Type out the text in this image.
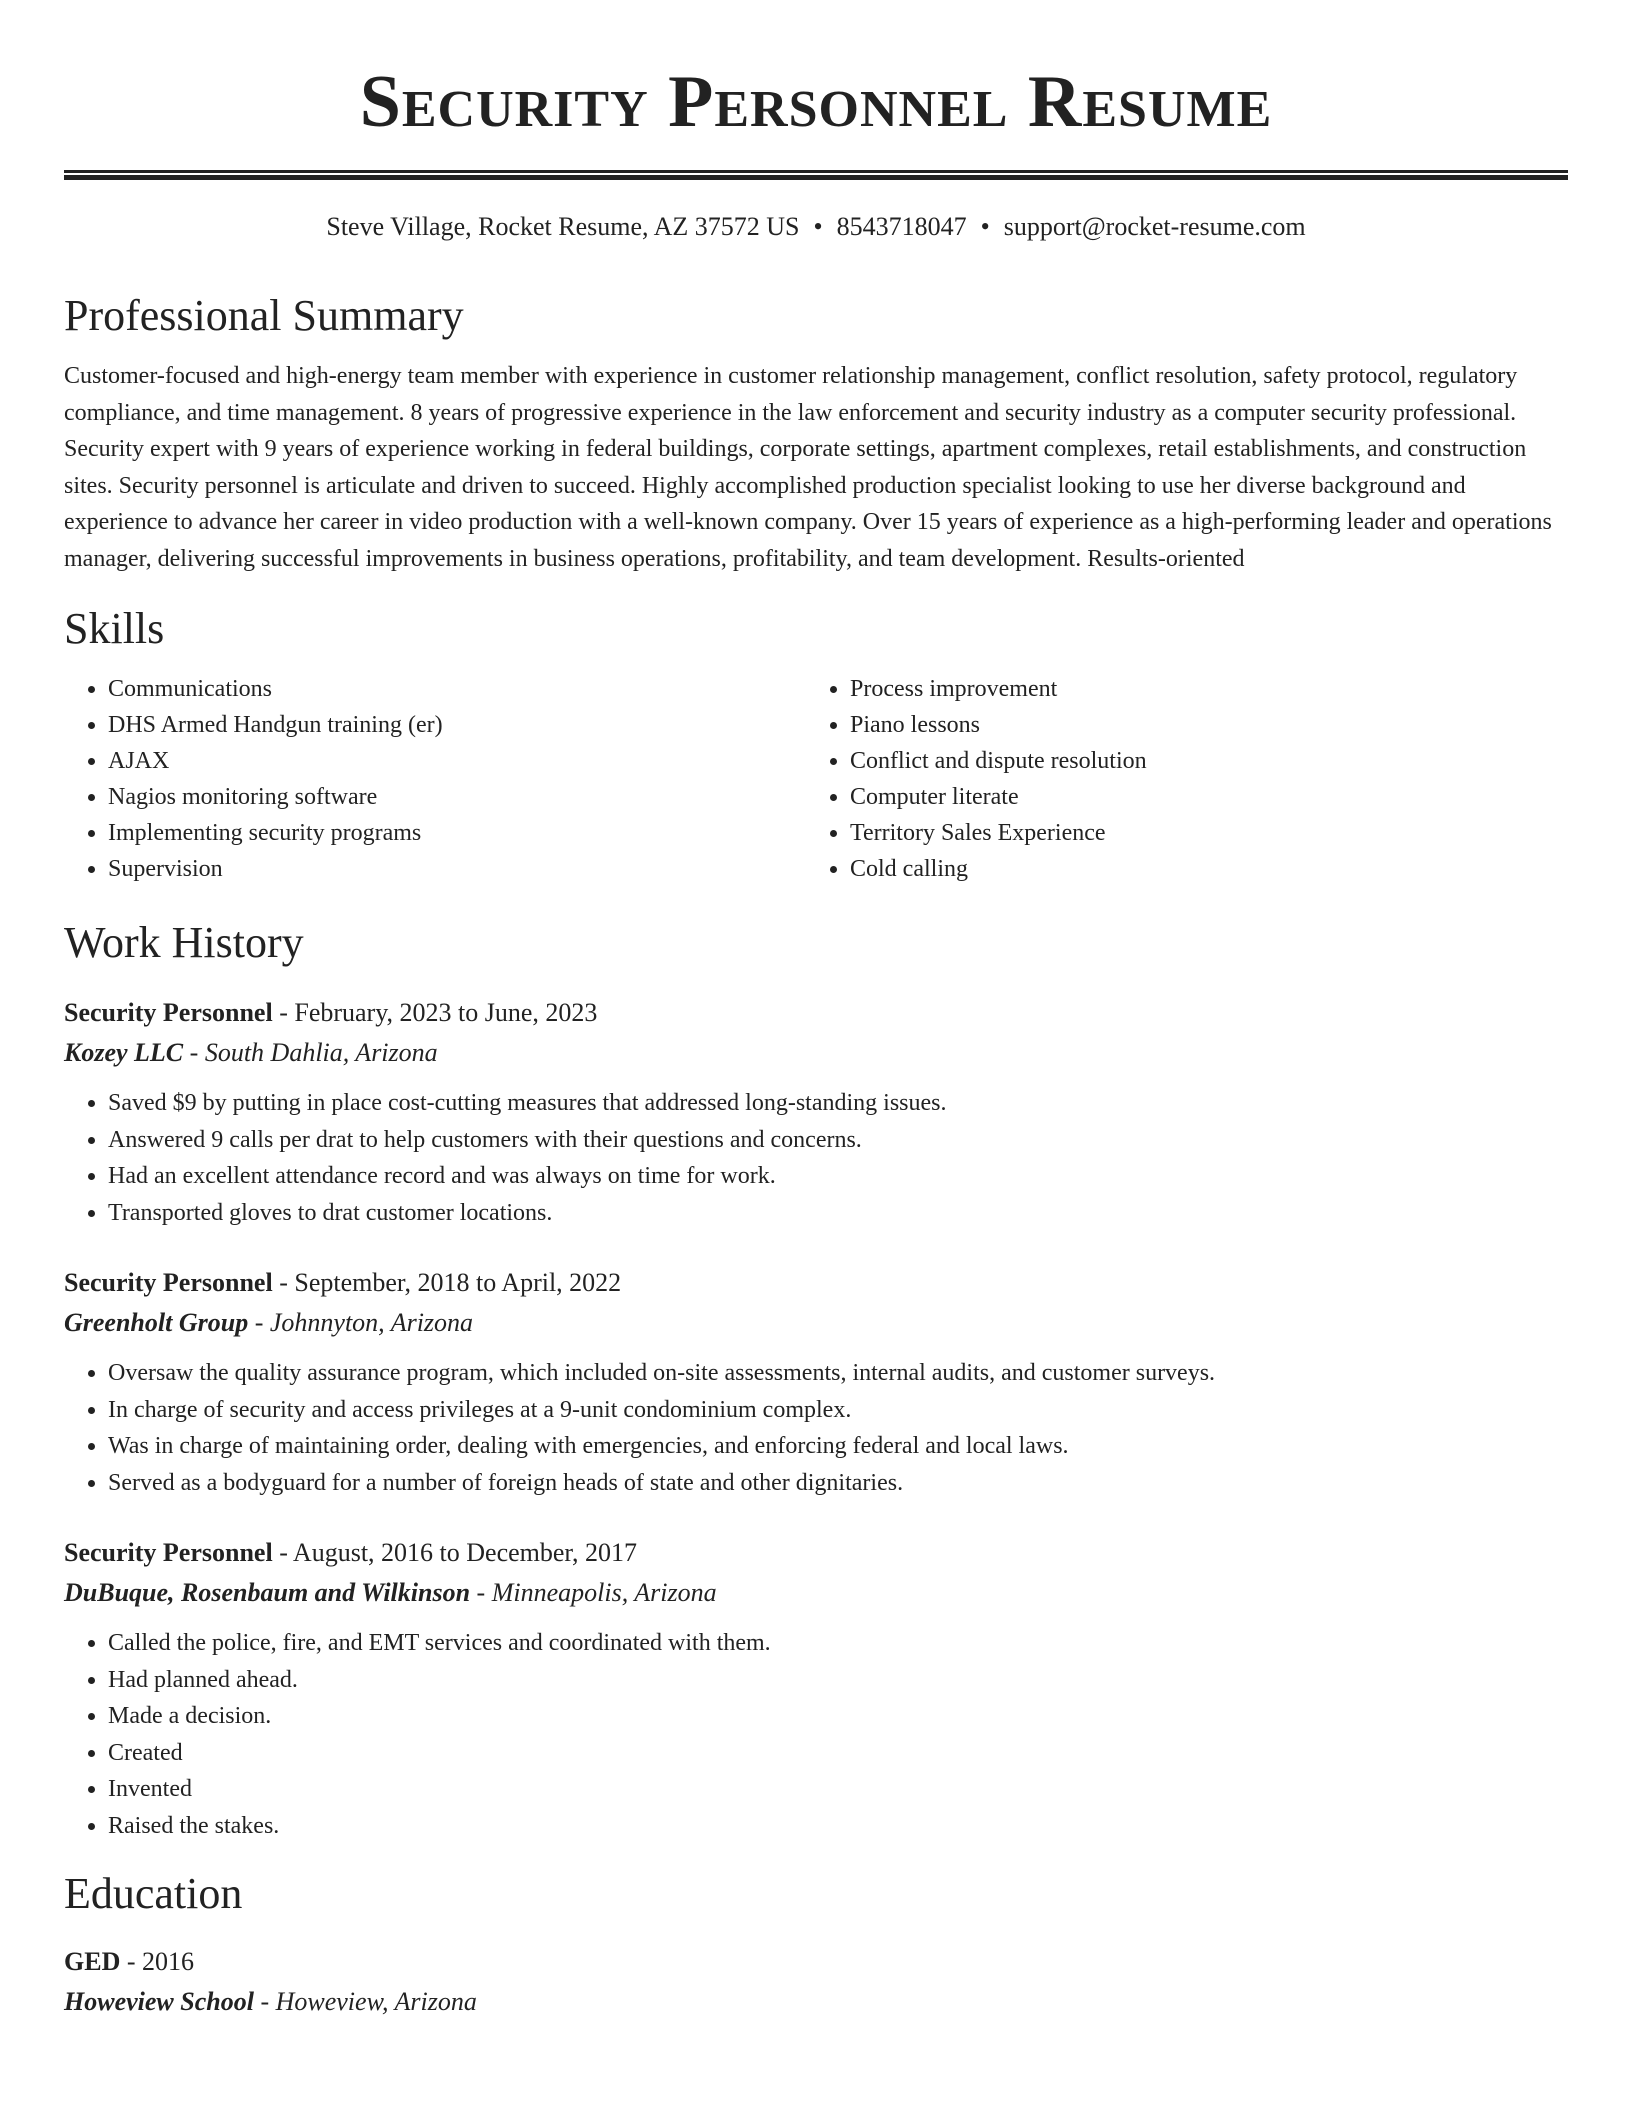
Security Personnel Resume
Steve Village, Rocket Resume, AZ 37572 US • 8543718047 • support@rocket-resume.com
Professional Summary
Customer-focused and high-energy team member with experience in customer relationship management, conflict resolution, safety protocol, regulatory compliance, and time management. 8 years of progressive experience in the law enforcement and security industry as a computer security professional. Security expert with 9 years of experience working in federal buildings, corporate settings, apartment complexes, retail establishments, and construction sites. Security personnel is articulate and driven to succeed. Highly accomplished production specialist looking to use her diverse background and experience to advance her career in video production with a well-known company. Over 15 years of experience as a high-performing leader and operations manager, delivering successful improvements in business operations, profitability, and team development. Results-oriented
Skills
• Communications
• DHS Armed Handgun training (er)
• AJAX
• Nagios monitoring software
• Implementing security programs
• Supervision
• Process improvement
• Piano lessons
• Conflict and dispute resolution
• Computer literate
• Territory Sales Experience
• Cold calling
Work History
Security Personnel - February, 2023 to June, 2023
Kozey LLC - South Dahlia, Arizona
• Saved $9 by putting in place cost-cutting measures that addressed long-standing issues.
• Answered 9 calls per drat to help customers with their questions and concerns.
• Had an excellent attendance record and was always on time for work.
• Transported gloves to drat customer locations.
Security Personnel - September, 2018 to April, 2022
Greenholt Group - Johnnyton, Arizona
• Oversaw the quality assurance program, which included on-site assessments, internal audits, and customer surveys.
• In charge of security and access privileges at a 9-unit condominium complex.
• Was in charge of maintaining order, dealing with emergencies, and enforcing federal and local laws.
• Served as a bodyguard for a number of foreign heads of state and other dignitaries.
Security Personnel - August, 2016 to December, 2017
DuBuque, Rosenbaum and Wilkinson - Minneapolis, Arizona
• Called the police, fire, and EMT services and coordinated with them.
• Had planned ahead.
• Made a decision.
• Created
• Invented
• Raised the stakes.
Education
GED - 2016
Howeview School - Howeview, Arizona
